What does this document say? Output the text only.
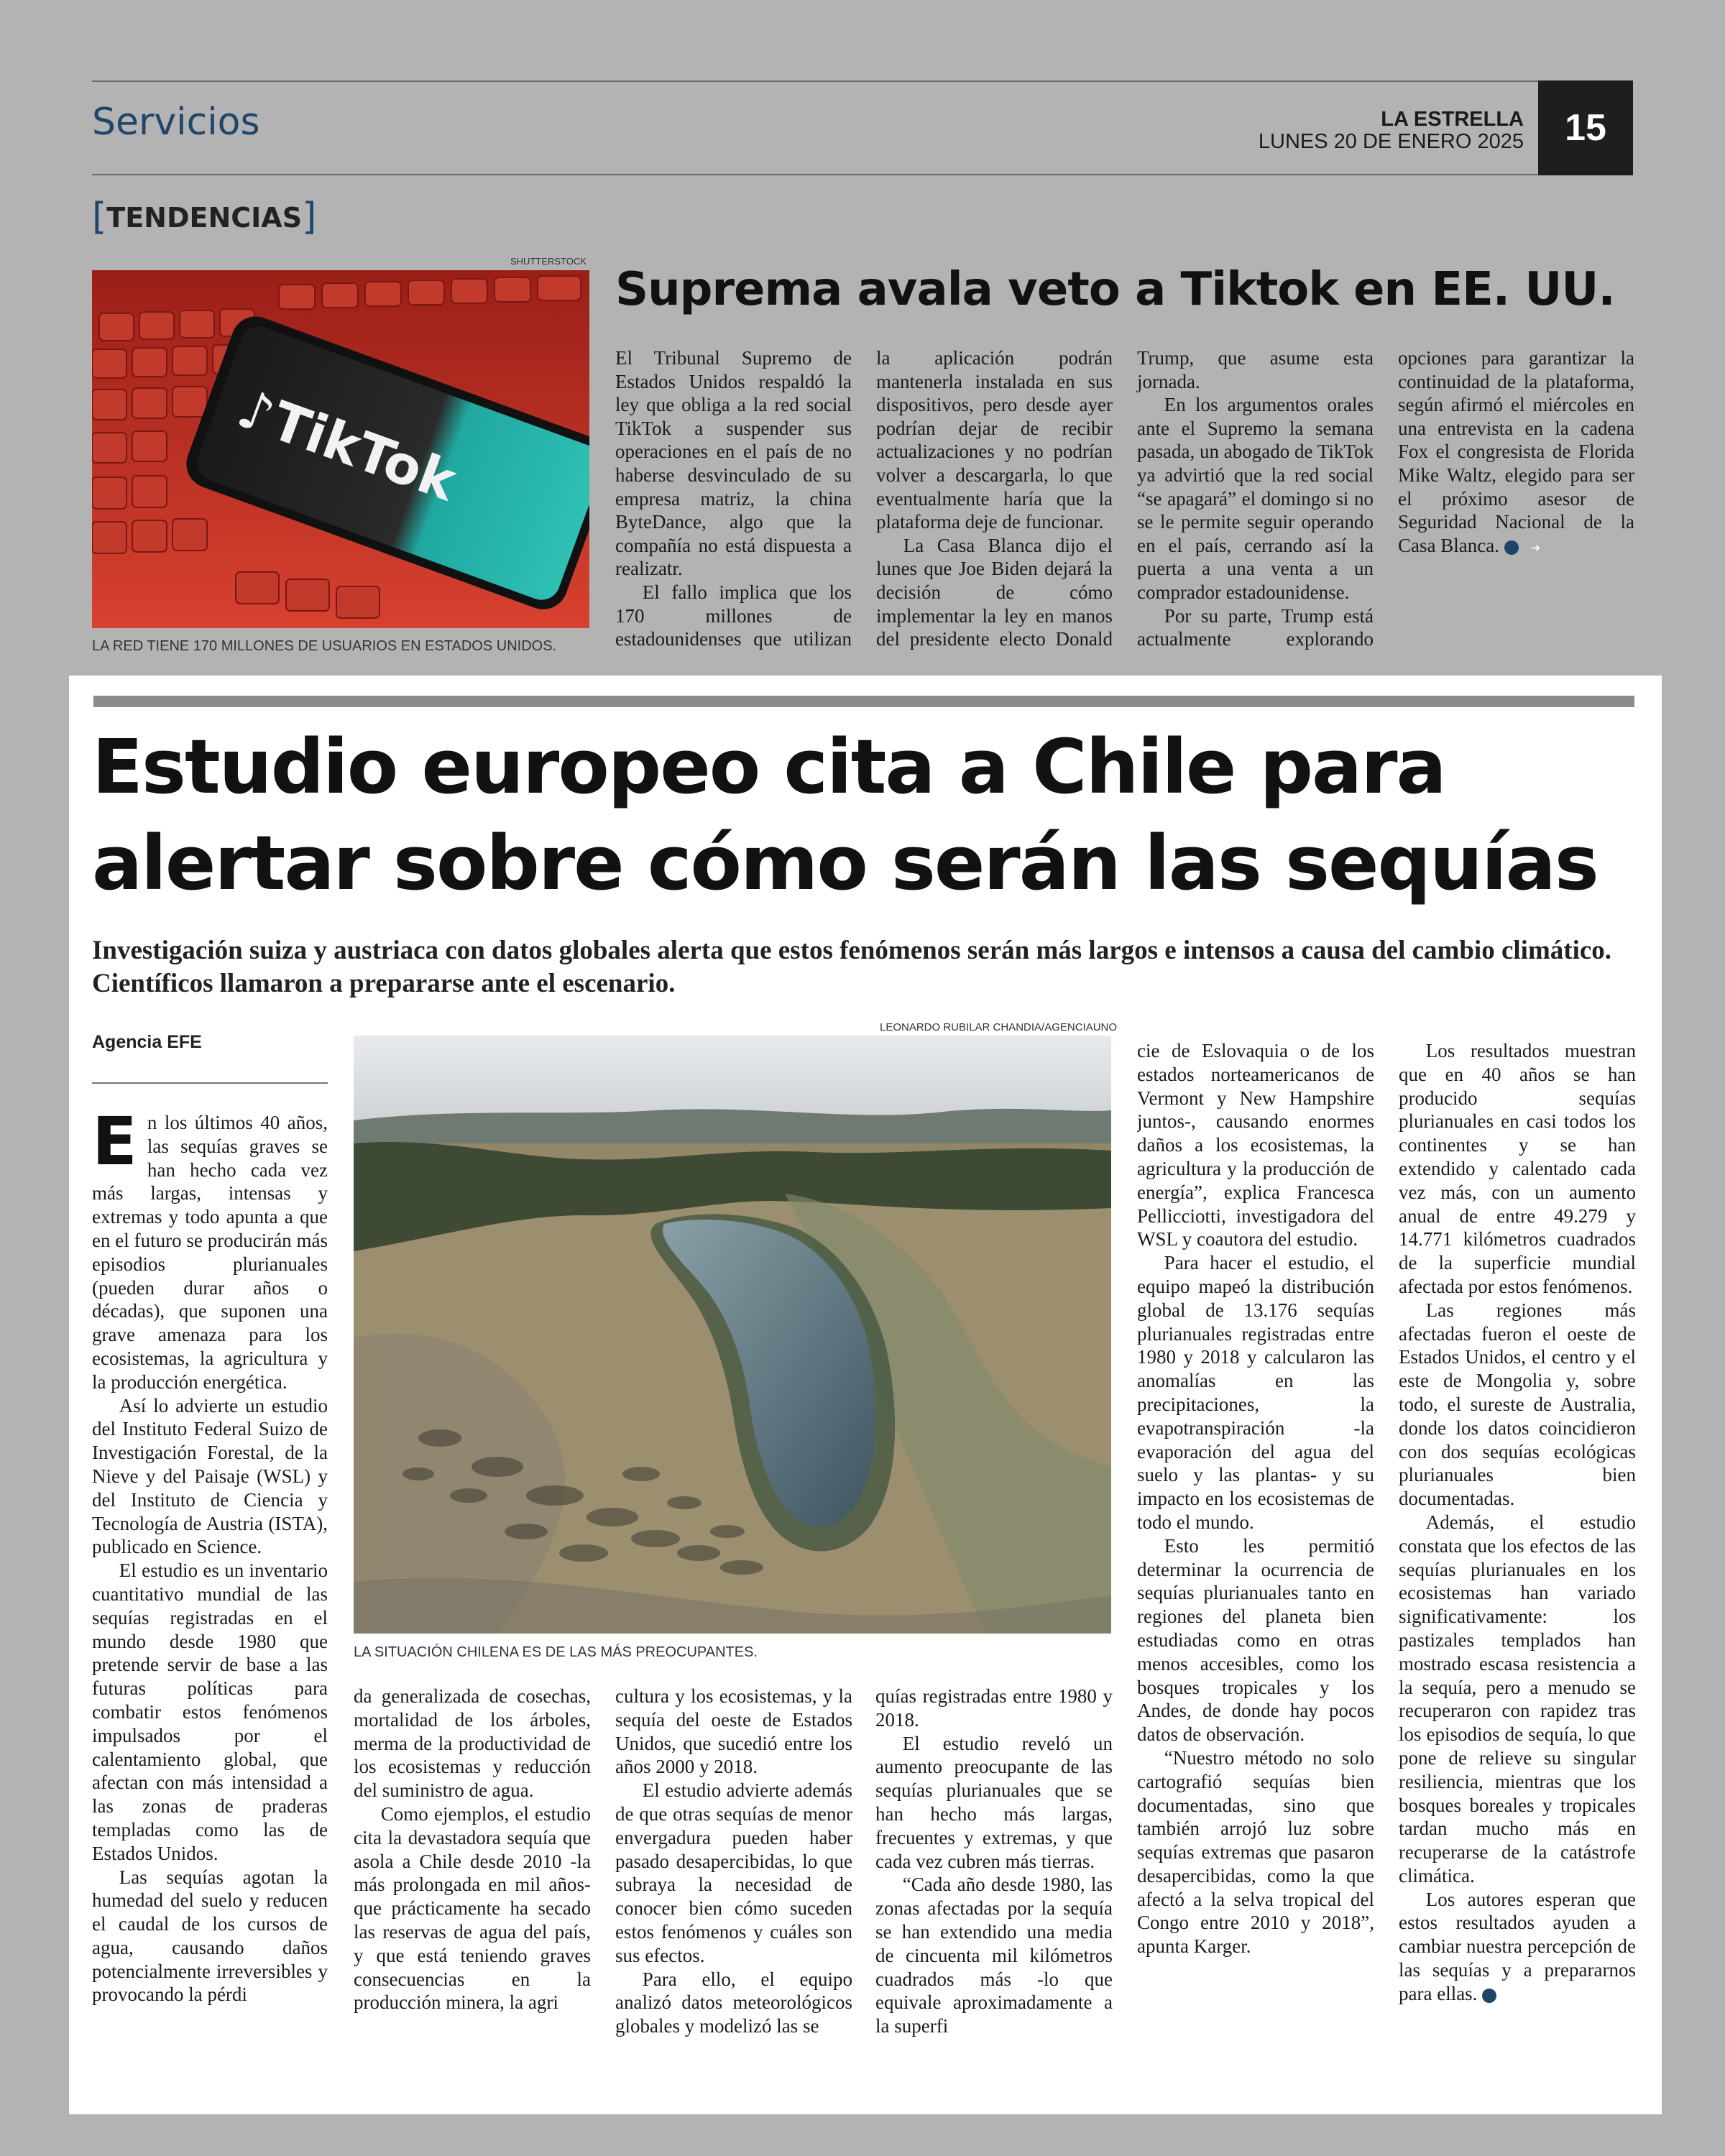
Servicios	LA ESTRELLA
LUNES 20 DE ENERO 2025	15
[TENDENCIAS]
SHUTTERSTOCK
TikTok
♪
LA RED TIENE 170 MILLONES DE USUARIOS EN ESTADOS UNIDOS.
Suprema avala veto a Tiktok en EE. UU.

El Tribunal Supremo de Estados Unidos respaldó la ley que obliga a la red social TikTok a suspender sus operaciones en el país de no haberse desvinculado de su empresa matriz, la china ByteDance, algo que la compañía no está dispuesta a realizatr.

El fallo implica que los 170 millones de estadounidenses que utilizan la aplicación podrán mantenerla instalada en sus dispositivos, pero desde ayer podrían dejar de recibir actualizaciones y no podrían volver a descargarla, lo que eventualmente haría que la plataforma deje de funcionar.

La Casa Blanca dijo el lunes que Joe Biden dejará la decisión de cómo implementar la ley en manos del presidente electo Donald Trump, que asume esta jornada.

En los argumentos orales ante el Supremo la semana pasada, un abogado de TikTok ya advirtió que la red social “se apagará” el domingo si no se le permite seguir operando en el país, cerrando así la puerta a una venta a un comprador estadounidense.

Por su parte, Trump está actualmente explorando opciones para garantizar la continuidad de la plataforma, según afirmó el miércoles en una entrevista en la cadena Fox el congresista de Florida Mike Waltz, elegido para ser el próximo asesor de Seguridad Nacional de la Casa Blanca.	➜

Estudio europeo cita a Chile para
alertar sobre cómo serán las sequías
Investigación suiza y austriaca con datos globales alerta que estos fenómenos serán más largos e intensos a causa del cambio climático. Científicos llamaron a prepararse ante el escenario.
Agencia EFE
LEONARDO RUBILAR CHANDIA/AGENCIAUNO
LA SITUACIÓN CHILENA ES DE LAS MÁS PREOCUPANTES.

En los últimos 40 años, las sequías graves se han hecho cada vez más largas, intensas y extremas y todo apunta a que en el futuro se producirán más episodios plurianuales (pueden durar años o décadas), que suponen una grave amenaza para los ecosistemas, la agricultura y la producción energética.

Así lo advierte un estudio del Instituto Federal Suizo de Investigación Forestal, de la Nieve y del Paisaje (WSL) y del Instituto de Ciencia y Tecnología de Austria (ISTA), publicado en Science.

El estudio es un inventario cuantitativo mundial de las sequías registradas en el mundo desde 1980 que pretende servir de base a las futuras políticas para combatir estos fenómenos impulsados por el calentamiento global, que afectan con más intensidad a las zonas de praderas templadas como las de Estados Unidos.

Las sequías agotan la humedad del suelo y reducen el caudal de los cursos de agua, causando daños potencialmente irreversibles y provocando la pérdi

da generalizada de cosechas, mortalidad de los árboles, merma de la productividad de los ecosistemas y reducción del suministro de agua.

Como ejemplos, el estudio cita la devastadora sequía que asola a Chile desde 2010 -la más prolongada en mil años- que prácticamente ha secado las reservas de agua del país, y que está teniendo graves consecuencias en la producción minera, la agri

cultura y los ecosistemas, y la sequía del oeste de Estados Unidos, que sucedió entre los años 2000 y 2018.

El estudio advierte además de que otras sequías de menor envergadura pueden haber pasado desapercibidas, lo que subraya la necesidad de conocer bien cómo suceden estos fenómenos y cuáles son sus efectos.

Para ello, el equipo analizó datos meteorológicos globales y modelizó las se

quías registradas entre 1980 y 2018.

El estudio reveló un aumento preocupante de las sequías plurianuales que se han hecho más largas, frecuentes y extremas, y que cada vez cubren más tierras.

“Cada año desde 1980, las zonas afectadas por la sequía se han extendido una media de cincuenta mil kilómetros cuadrados más -lo que equivale aproximadamente a la superfi

cie de Eslovaquia o de los estados norteamericanos de Vermont y New Hampshire juntos-, causando enormes daños a los ecosistemas, la agricultura y la producción de energía”, explica Francesca Pellicciotti, investigadora del WSL y coautora del estudio.

Para hacer el estudio, el equipo mapeó la distribución global de 13.176 sequías plurianuales registradas entre 1980 y 2018 y calcularon las anomalías en las precipitaciones, la evapotranspiración -la evaporación del agua del suelo y las plantas- y su impacto en los ecosistemas de todo el mundo.

Esto les permitió determinar la ocurrencia de sequías plurianuales tanto en regiones del planeta bien estudiadas como en otras menos accesibles, como los bosques tropicales y los Andes, de donde hay pocos datos de observación.

“Nuestro método no solo cartografió sequías bien documentadas, sino que también arrojó luz sobre sequías extremas que pasaron desapercibidas, como la que afectó a la selva tropical del Congo entre 2010 y 2018”, apunta Karger.

Los resultados muestran que en 40 años se han producido sequías plurianuales en casi todos los continentes y se han extendido y calentado cada vez más, con un aumento anual de entre 49.279 y 14.771 kilómetros cuadrados de la superficie mundial afectada por estos fenómenos.

Las regiones más afectadas fueron el oeste de Estados Unidos, el centro y el este de Mongolia y, sobre todo, el sureste de Australia, donde los datos coincidieron con dos sequías ecológicas plurianuales bien documentadas.

Además, el estudio constata que los efectos de las sequías plurianuales en los ecosistemas han variado significativamente: los pastizales templados han mostrado escasa resistencia a la sequía, pero a menudo se recuperaron con rapidez tras los episodios de sequía, lo que pone de relieve su singular resiliencia, mientras que los bosques boreales y tropicales tardan mucho más en recuperarse de la catástrofe climática.

Los autores esperan que estos resultados ayuden a cambiar nuestra percepción de las sequías y a prepararnos para ellas.	➜
